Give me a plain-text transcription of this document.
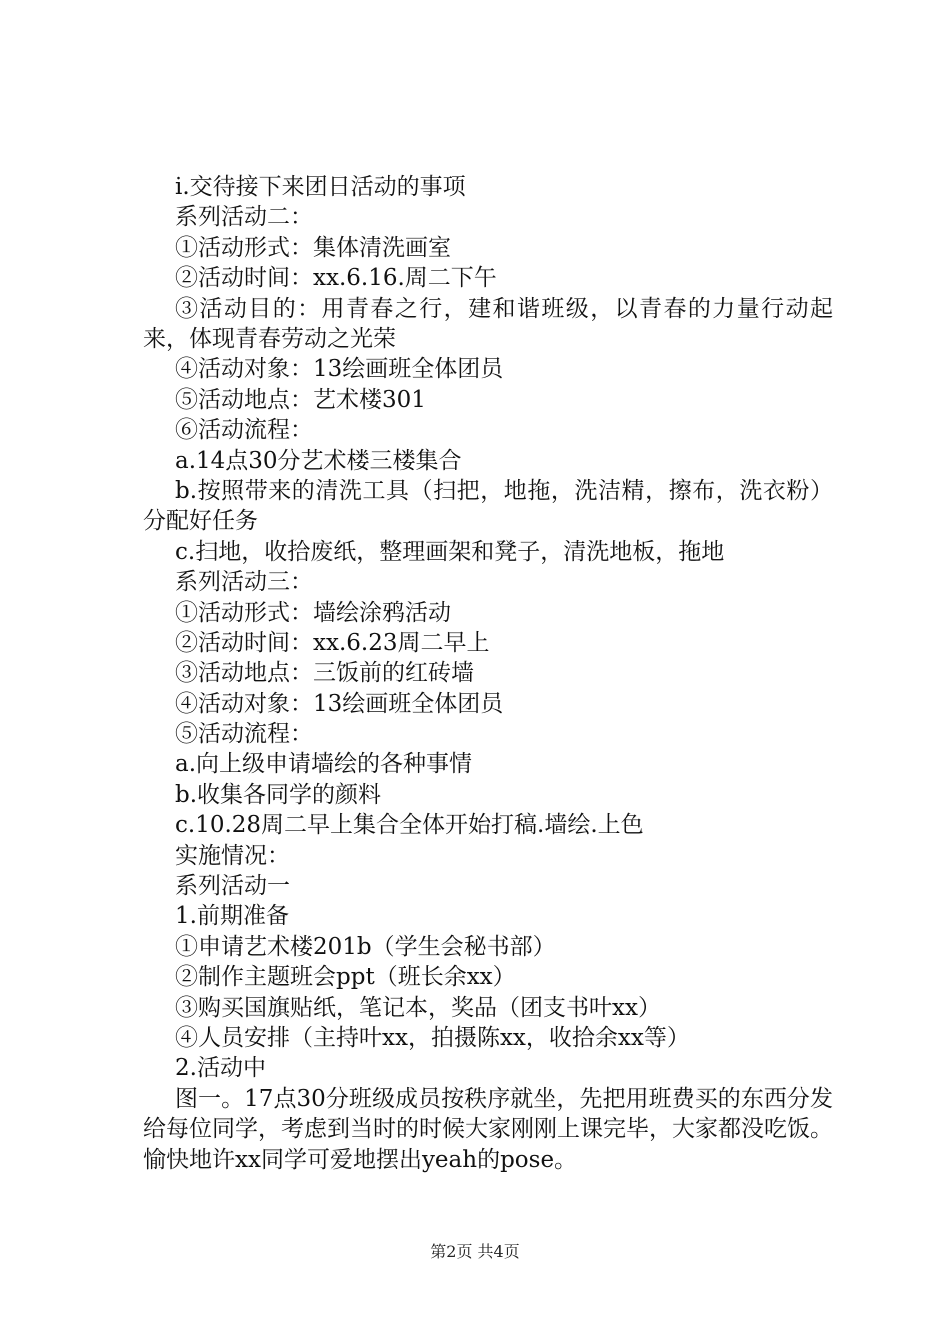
i.交待接下来团日活动的事项
系列活动二：
①活动形式：集体清洗画室
②活动时间：xx.6.16.周二下午
③活动目的：用青春之行，建和谐班级，以青春的力量行动起来，体现青春劳动之光荣
④活动对象：13绘画班全体团员
⑤活动地点：艺术楼301
⑥活动流程：
a.14点30分艺术楼三楼集合
b.按照带来的清洗工具（扫把，地拖，洗洁精，擦布，洗衣粉）分配好任务
c.扫地，收拾废纸，整理画架和凳子，清洗地板，拖地
系列活动三：
①活动形式：墙绘涂鸦活动
②活动时间：xx.6.23周二早上
③活动地点：三饭前的红砖墙
④活动对象：13绘画班全体团员
⑤活动流程：
a.向上级申请墙绘的各种事情
b.收集各同学的颜料
c.10.28周二早上集合全体开始打稿.墙绘.上色
实施情况：
系列活动一
1.前期准备
①申请艺术楼201b（学生会秘书部）
②制作主题班会ppt（班长余xx）
③购买国旗贴纸，笔记本，奖品（团支书叶xx）
④人员安排（主持叶xx，拍摄陈xx，收拾余xx等）
2.活动中
图一。17点30分班级成员按秩序就坐，先把用班费买的东西分发给每位同学，考虑到当时的时候大家刚刚上课完毕，大家都没吃饭。愉快地许xx同学可爱地摆出yeah的pose。
第2页 共4页
